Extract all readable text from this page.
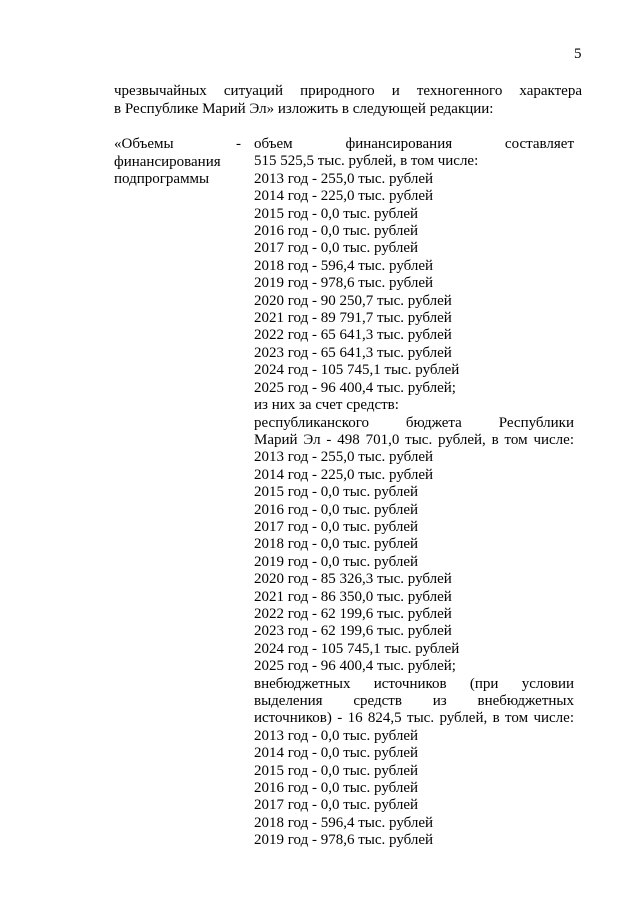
5
чрезвычайных ситуаций природного и техногенного характера
в Республике Марий Эл» изложить в следующей редакции:
«Объемы
финансирования
подпрограммы
- объем финансирования составляет
515 525,5 тыс. рублей, в том числе:
2013 год - 255,0 тыс. рублей
2014 год - 225,0 тыс. рублей
2015 год - 0,0 тыс. рублей
2016 год - 0,0 тыс. рублей
2017 год - 0,0 тыс. рублей
2018 год - 596,4 тыс. рублей
2019 год - 978,6 тыс. рублей
2020 год - 90 250,7 тыс. рублей
2021 год - 89 791,7 тыс. рублей
2022 год - 65 641,3 тыс. рублей
2023 год - 65 641,3 тыс. рублей
2024 год - 105 745,1 тыс. рублей
2025 год - 96 400,4 тыс. рублей;
из них за счет средств:
республиканского бюджета Республики
Марий Эл - 498 701,0 тыс. рублей, в том числе:
2013 год - 255,0 тыс. рублей
2014 год - 225,0 тыс. рублей
2015 год - 0,0 тыс. рублей
2016 год - 0,0 тыс. рублей
2017 год - 0,0 тыс. рублей
2018 год - 0,0 тыс. рублей
2019 год - 0,0 тыс. рублей
2020 год - 85 326,3 тыс. рублей
2021 год - 86 350,0 тыс. рублей
2022 год - 62 199,6 тыс. рублей
2023 год - 62 199,6 тыс. рублей
2024 год - 105 745,1 тыс. рублей
2025 год - 96 400,4 тыс. рублей;
внебюджетных источников (при условии
выделения средств из внебюджетных
источников) - 16 824,5 тыс. рублей, в том числе:
2013 год - 0,0 тыс. рублей
2014 год - 0,0 тыс. рублей
2015 год - 0,0 тыс. рублей
2016 год - 0,0 тыс. рублей
2017 год - 0,0 тыс. рублей
2018 год - 596,4 тыс. рублей
2019 год - 978,6 тыс. рублей
